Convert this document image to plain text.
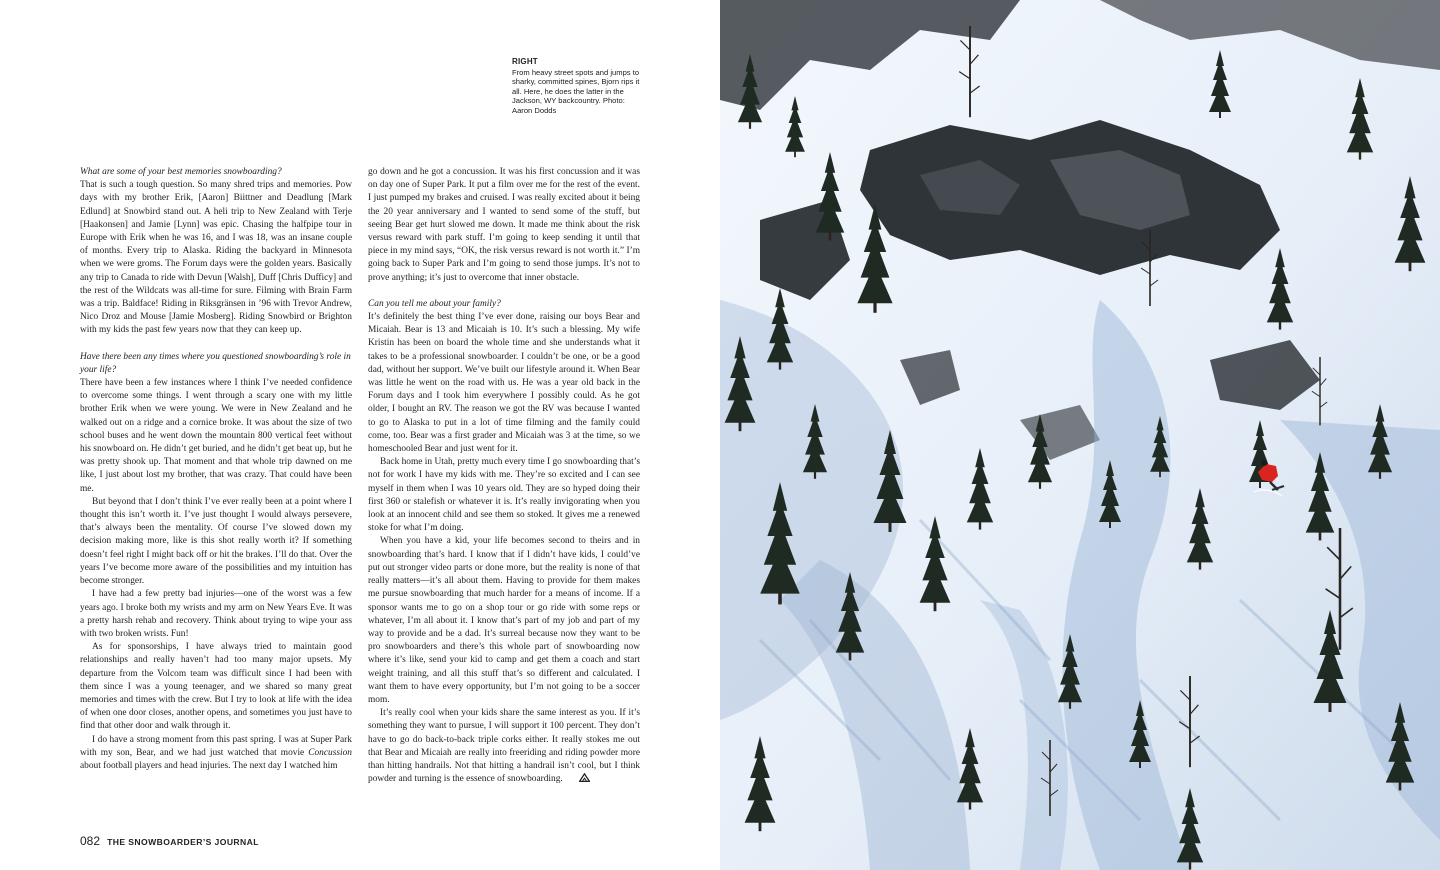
RIGHT
From heavy street spots and jumps to sharky, committed spines, Bjorn rips it all. Here, he does the latter in the Jackson, WY backcountry. Photo: Aaron Dodds

What are some of your best memories snowboarding?

That is such a tough question. So many shred trips and memories. Pow days with my brother Erik, [Aaron] Biittner and Deadlung [Mark Edlund] at Snowbird stand out. A heli trip to New Zealand with Terje [Haakonsen] and Jamie [Lynn] was epic. Chasing the halfpipe tour in Europe with Erik when he was 16, and I was 18, was an insane couple of months. Every trip to Alaska. Riding the backyard in Minnesota when we were groms. The Forum days were the golden years. Basically any trip to Canada to ride with Devun [Walsh], Duff [Chris Dufficy] and the rest of the Wildcats was all-time for sure. Filming with Brain Farm was a trip. Baldface! Riding in Riksgränsen in ’96 with Trevor Andrew, Nico Droz and Mouse [Jamie Mosberg]. Riding Snowbird or Brighton with my kids the past few years now that they can keep up.

Have there been any times where you questioned snowboarding’s role in your life?

There have been a few instances where I think I’ve needed confidence to overcome some things. I went through a scary one with my little brother Erik when we were young. We were in New Zealand and he walked out on a ridge and a cornice broke. It was about the size of two school buses and he went down the mountain 800 vertical feet without his snowboard on. He didn’t get buried, and he didn’t get beat up, but he was pretty shook up. That moment and that whole trip dawned on me like, I just about lost my brother, that was crazy. That could have been me.

But beyond that I don’t think I’ve ever really been at a point where I thought this isn’t worth it. I’ve just thought I would always persevere, that’s always been the mentality. Of course I’ve slowed down my decision making more, like is this shot really worth it? If something doesn’t feel right I might back off or hit the brakes. I’ll do that. Over the years I’ve become more aware of the possibilities and my intuition has become stronger.

I have had a few pretty bad injuries—one of the worst was a few years ago. I broke both my wrists and my arm on New Years Eve. It was a pretty harsh rehab and recovery. Think about trying to wipe your ass with two broken wrists. Fun!

As for sponsorships, I have always tried to maintain good relationships and really haven’t had too many major upsets. My departure from the Volcom team was difficult since I had been with them since I was a young teenager, and we shared so many great memories and times with the crew. But I try to look at life with the idea of when one door closes, another opens, and sometimes you just have to find that other door and walk through it.

I do have a strong moment from this past spring. I was at Super Park with my son, Bear, and we had just watched that movie Concussion about football players and head injuries. The next day I watched him

go down and he got a concussion. It was his first concussion and it was on day one of Super Park. It put a film over me for the rest of the event. I just pumped my brakes and cruised. I was really excited about it being the 20 year anniversary and I wanted to send some of the stuff, but seeing Bear get hurt slowed me down. It made me think about the risk versus reward with park stuff. I’m going to keep sending it until that piece in my mind says, “OK, the risk versus reward is not worth it.” I’m going back to Super Park and I’m going to send those jumps. It’s not to prove anything; it’s just to overcome that inner obstacle.

Can you tell me about your family?

It’s definitely the best thing I’ve ever done, raising our boys Bear and Micaiah. Bear is 13 and Micaiah is 10. It’s such a blessing. My wife Kristin has been on board the whole time and she understands what it takes to be a professional snowboarder. I couldn’t be one, or be a good dad, without her support. We’ve built our lifestyle around it. When Bear was little he went on the road with us. He was a year old back in the Forum days and I took him everywhere I possibly could. As he got older, I bought an RV. The reason we got the RV was because I wanted to go to Alaska to put in a lot of time filming and the family could come, too. Bear was a first grader and Micaiah was 3 at the time, so we homeschooled Bear and just went for it.

Back home in Utah, pretty much every time I go snowboarding that’s not for work I have my kids with me. They’re so excited and I can see myself in them when I was 10 years old. They are so hyped doing their first 360 or stalefish or whatever it is. It’s really invigorating when you look at an innocent child and see them so stoked. It gives me a renewed stoke for what I’m doing.

When you have a kid, your life becomes second to theirs and in snowboarding that’s hard. I know that if I didn’t have kids, I could’ve put out stronger video parts or done more, but the reality is none of that really matters—it’s all about them. Having to provide for them makes me pursue snowboarding that much harder for a means of income. If a sponsor wants me to go on a shop tour or go ride with some reps or whatever, I’m all about it. I know that’s part of my job and part of my way to provide and be a dad. It’s surreal because now they want to be pro snowboarders and there’s this whole part of snowboarding now where it’s like, send your kid to camp and get them a coach and start weight training, and all this stuff that’s so different and calculated. I want them to have every opportunity, but I’m not going to be a soccer mom.

It’s really cool when your kids share the same interest as you. If it’s something they want to pursue, I will support it 100 percent. They don’t have to go do back-to-back triple corks either. It really stokes me out that Bear and Micaiah are really into freeriding and riding powder more than hitting handrails. Not that hitting a handrail isn’t cool, but I think powder and turning is the essence of snowboarding.

082 THE SNOWBOARDER’S JOURNAL
